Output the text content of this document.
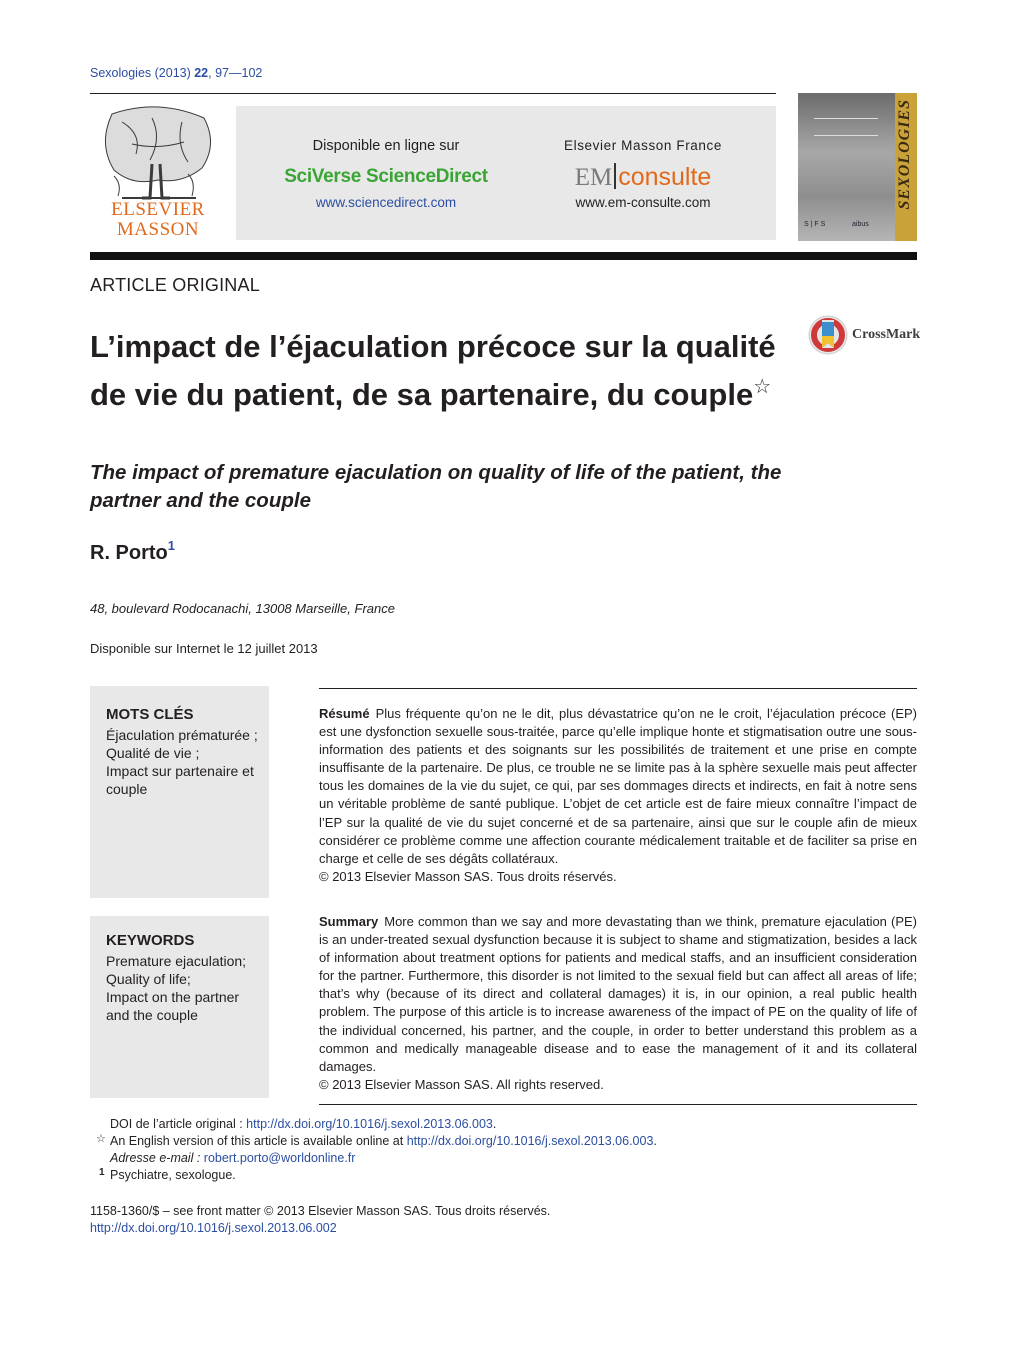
Sexologies (2013) 22, 97—102
ELSEVIER
MASSON
Disponible en ligne sur
SciVerse ScienceDirect
www.sciencedirect.com
Elsevier Masson France
EM consulte
www.em-consulte.com	SEXOLOGIES
S | F S	aibus
ARTICLE ORIGINAL
CrossMark
L’impact de l’éjaculation précoce sur la qualité de vie du patient, de sa partenaire, du couple☆
The impact of premature ejaculation on quality of life of the patient, the partner and the couple
R. Porto$^1$
48, boulevard Rodocanachi, 13008 Marseille, France
Disponible sur Internet le 12 juillet 2013
MOTS CLÉS
Éjaculation prématurée ;
Qualité de vie ;
Impact sur partenaire et couple
KEYWORDS
Premature ejaculation;
Quality of life;
Impact on the partner and the couple
Résumé Plus fréquente qu’on ne le dit, plus dévastatrice qu’on ne le croit, l’éjaculation précoce (EP) est une dysfonction sexuelle sous-traitée, parce qu’elle implique honte et stigmatisation outre une sous-information des patients et des soignants sur les possibilités de traitement et une prise en compte insuffisante de la partenaire. De plus, ce trouble ne se limite pas à la sphère sexuelle mais peut affecter tous les domaines de la vie du sujet, ce qui, par ses dommages directs et indirects, en fait à notre sens un véritable problème de santé publique. L’objet de cet article est de faire mieux connaître l’impact de l’EP sur la qualité de vie du sujet concerné et de sa partenaire, ainsi que sur le couple afin de mieux considérer ce problème comme une affection courante médicalement traitable et de faciliter sa prise en charge et celle de ses dégâts collatéraux.
© 2013 Elsevier Masson SAS. Tous droits réservés.
Summary More common than we say and more devastating than we think, premature ejaculation (PE) is an under-treated sexual dysfunction because it is subject to shame and stigmatization, besides a lack of information about treatment options for patients and medical staffs, and an insufficient consideration for the partner. Furthermore, this disorder is not limited to the sexual field but can affect all areas of life; that’s why (because of its direct and collateral damages) it is, in our opinion, a real public health problem. The purpose of this article is to increase awareness of the impact of PE on the quality of life of the individual concerned, his partner, and the couple, in order to better understand this problem as a common and medically manageable disease and to ease the management of it and its collateral damages.
© 2013 Elsevier Masson SAS. All rights reserved.
DOI de l’article original : http://dx.doi.org/10.1016/j.sexol.2013.06.003.
☆ An English version of this article is available online at http://dx.doi.org/10.1016/j.sexol.2013.06.003.
Adresse e-mail : robert.porto@worldonline.fr
1 Psychiatre, sexologue.
1158-1360/$ – see front matter © 2013 Elsevier Masson SAS. Tous droits réservés.
http://dx.doi.org/10.1016/j.sexol.2013.06.002
